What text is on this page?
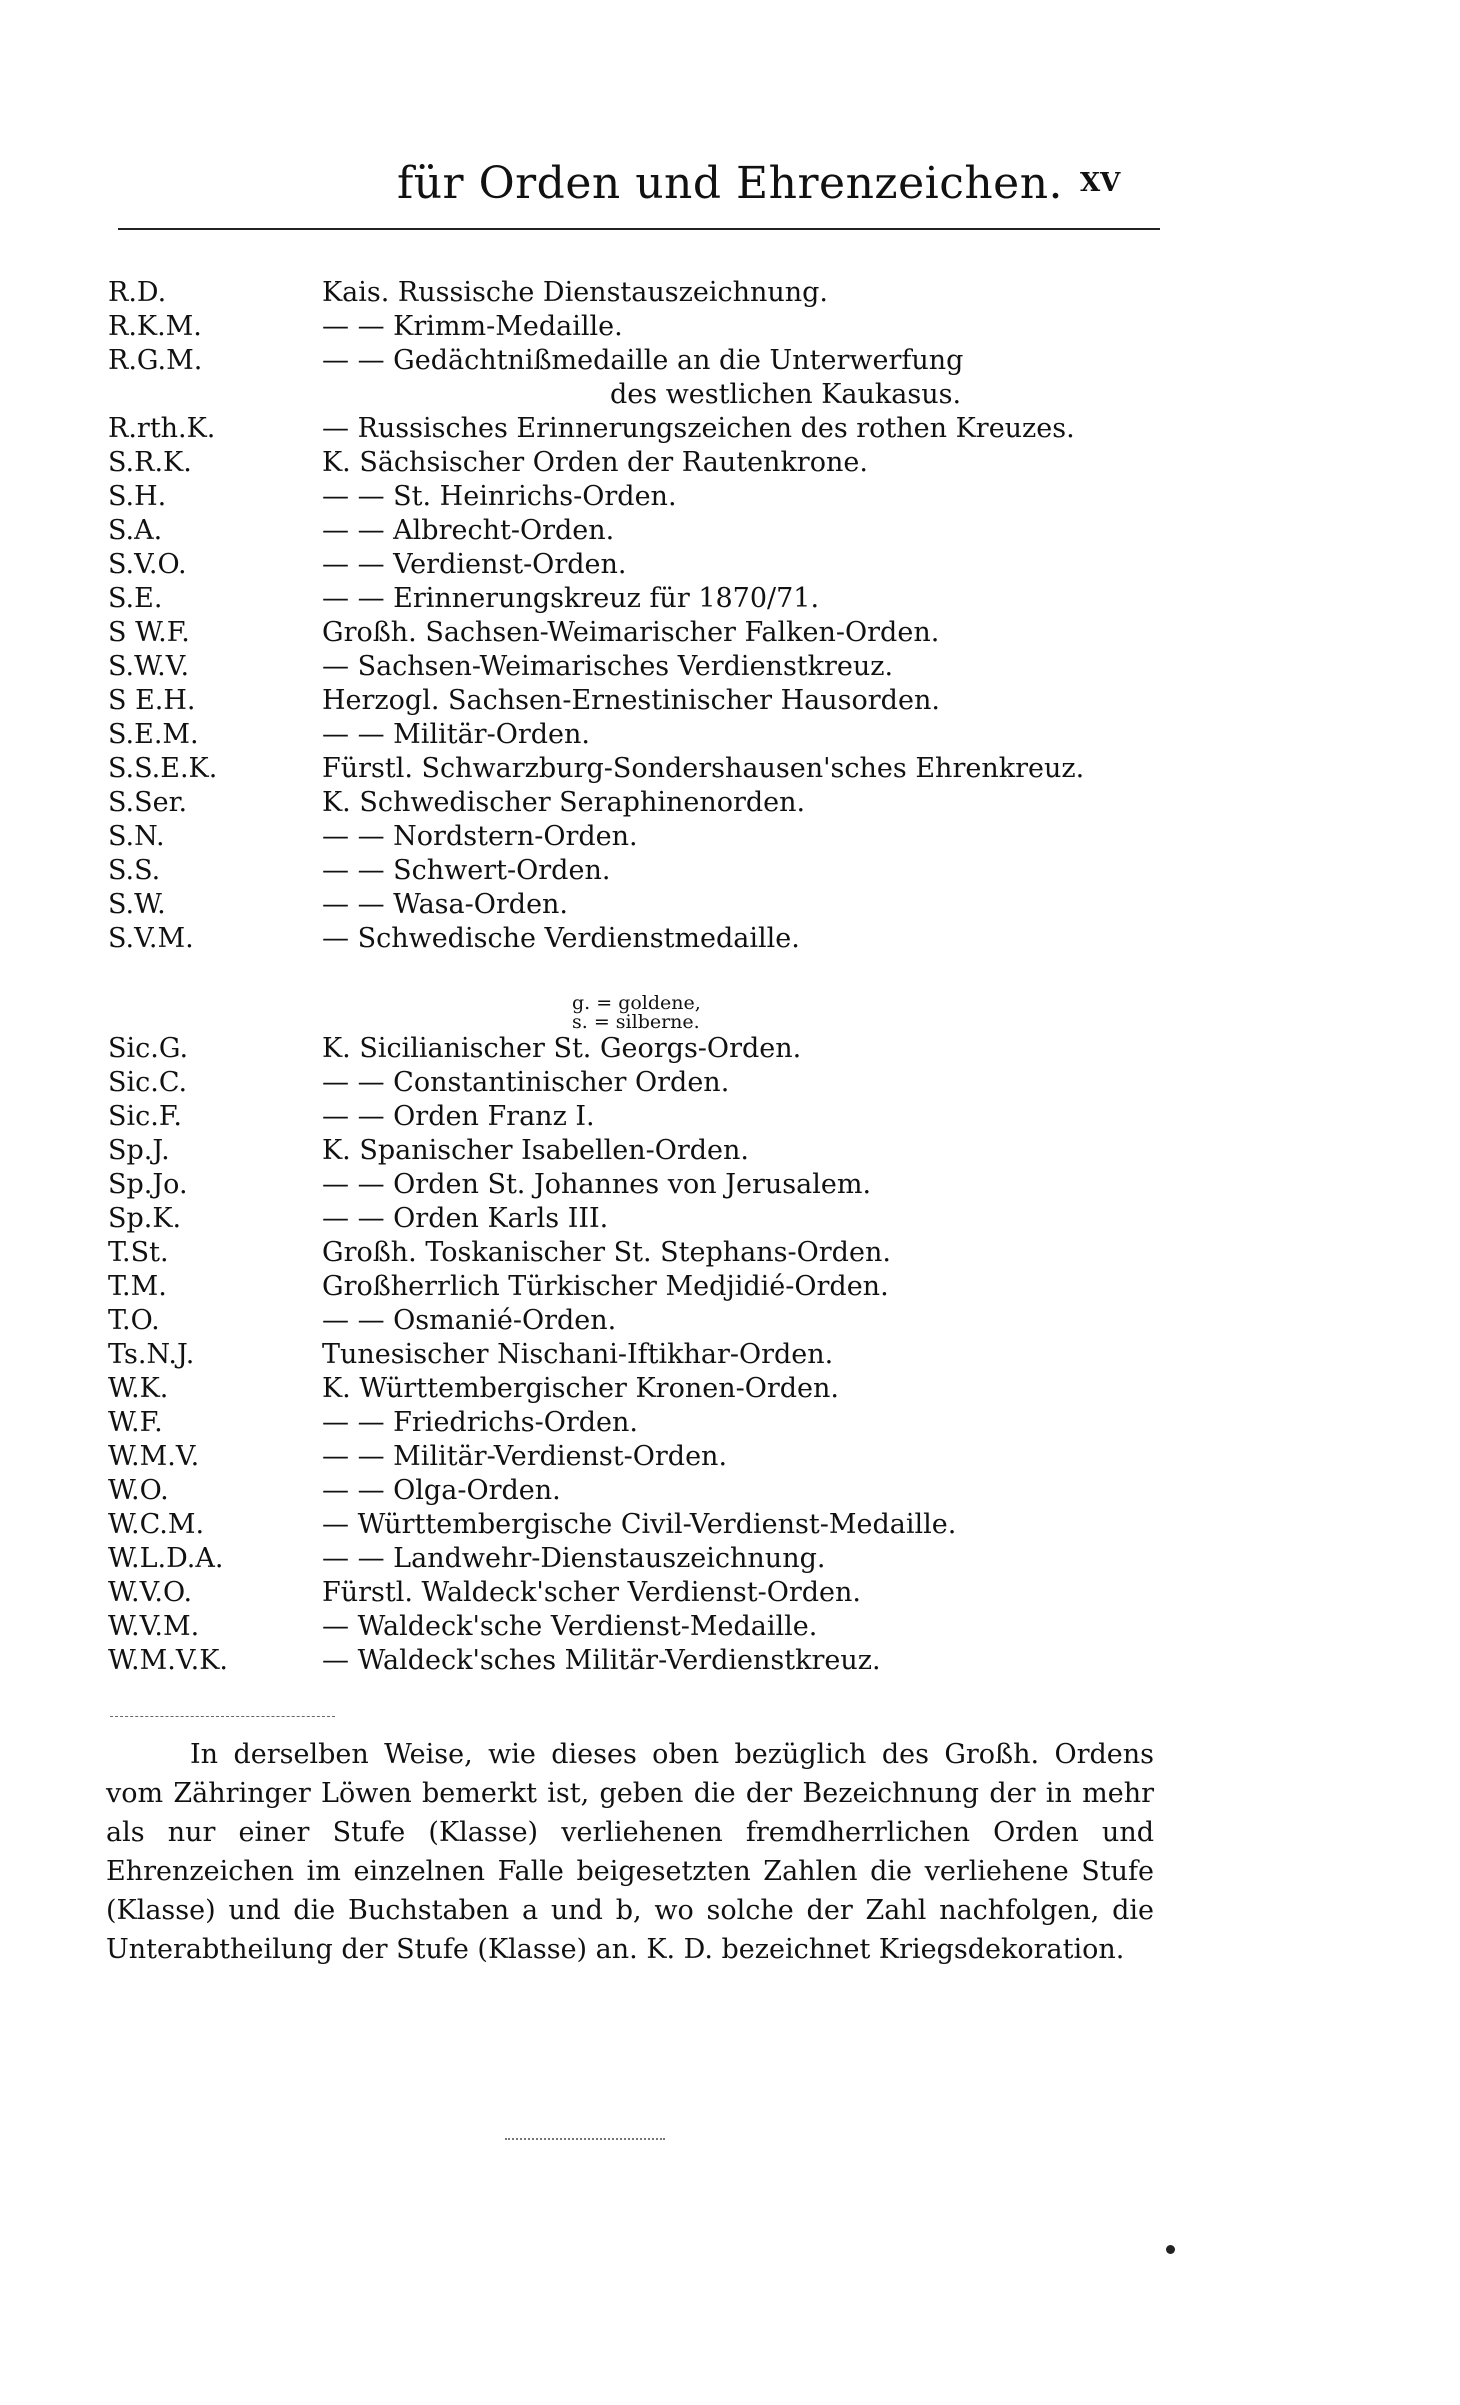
für Orden und Ehrenzeichen. XV
R.D.	Kais. Russische Dienstauszeichnung.
R.K.M.	— — Krimm-Medaille.
R.G.M.	— — Gedächtnißmedaille an die Unterwerfung
des westlichen Kaukasus.
R.rth.K.	— Russisches Erinnerungszeichen des rothen Kreuzes.
S.R.K.	K. Sächsischer Orden der Rautenkrone.
S.H.	— — St. Heinrichs-Orden.
S.A.	— — Albrecht-Orden.
S.V.O.	— — Verdienst-Orden.
S.E.	— — Erinnerungskreuz für 1870/71.
S W.F.	Großh. Sachsen-Weimarischer Falken-Orden.
S.W.V.	— Sachsen-Weimarisches Verdienstkreuz.
S E.H.	Herzogl. Sachsen-Ernestinischer Hausorden.
S.E.M.	— — Militär-Orden.
S.S.E.K.	Fürstl. Schwarzburg-Sondershausen'sches Ehrenkreuz.
S.Ser.	K. Schwedischer Seraphinenorden.
S.N.	— — Nordstern-Orden.
S.S.	— — Schwert-Orden.
S.W.	— — Wasa-Orden.
S.V.M.	— Schwedische Verdienstmedaille.
Sic.G.	K. Sicilianischer St. Georgs-Orden.
Sic.C.	— — Constantinischer Orden.
Sic.F.	— — Orden Franz I.
Sp.J.	K. Spanischer Isabellen-Orden.
Sp.Jo.	— — Orden St. Johannes von Jerusalem.
Sp.K.	— — Orden Karls III.
T.St.	Großh. Toskanischer St. Stephans-Orden.
T.M.	Großherrlich Türkischer Medjidié-Orden.
T.O.	— — Osmanié-Orden.
Ts.N.J.	Tunesischer Nischani-Iftikhar-Orden.
W.K.	K. Württembergischer Kronen-Orden.
W.F.	— — Friedrichs-Orden.
W.M.V.	— — Militär-Verdienst-Orden.
W.O.	— — Olga-Orden.
W.C.M.	— Württembergische Civil-Verdienst-Medaille.
W.L.D.A.	— — Landwehr-Dienstauszeichnung.
W.V.O.	Fürstl. Waldeck'scher Verdienst-Orden.
W.V.M.	— Waldeck'sche Verdienst-Medaille.
W.M.V.K.	— Waldeck'sches Militär-Verdienstkreuz.
g. = goldene,
s. = silberne.
In derselben Weise, wie dieses oben bezüglich des Großh. Ordens vom Zähringer Löwen bemerkt ist, geben die der Bezeichnung der in mehr als nur einer Stufe (Klasse) verliehenen fremdherrlichen Orden und Ehrenzeichen im einzelnen Falle beigesetzten Zahlen die verliehene Stufe (Klasse) und die Buchstaben a und b, wo solche der Zahl nachfolgen, die Unterabtheilung der Stufe (Klasse) an. K. D. bezeichnet Kriegsdekoration.
